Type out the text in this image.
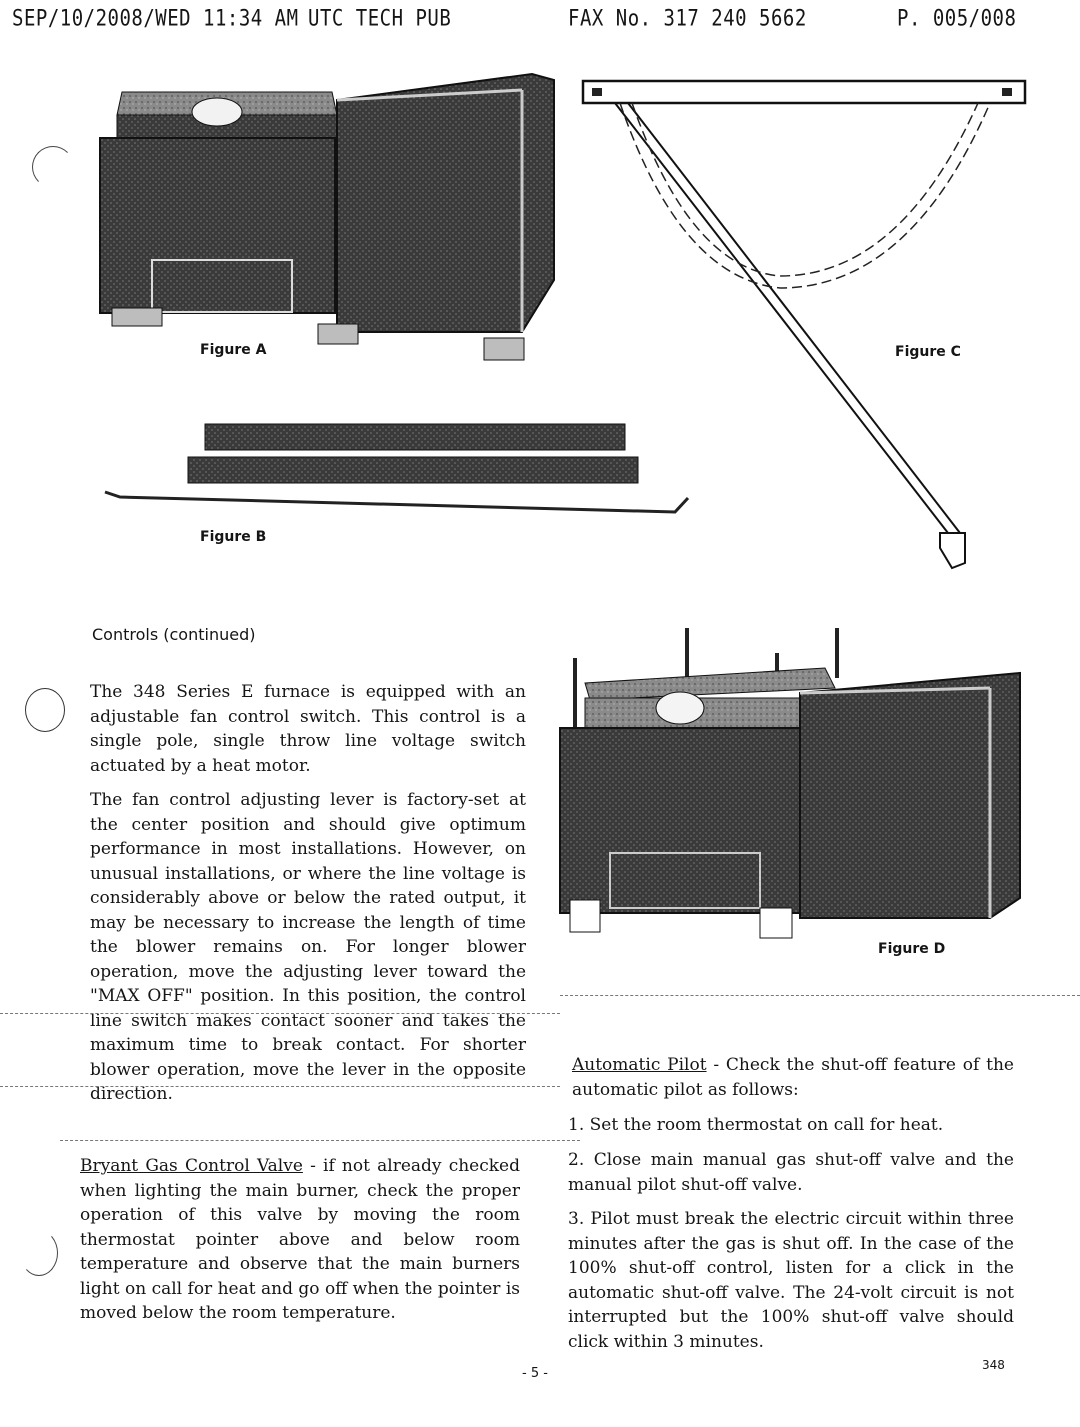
SEP/10/2008/WED 11:34 AM UTC TECH PUB	FAX No. 317 240 5662	P. 005/008
Figure A	Figure C
Figure B
Controls (continued)

The 348 Series E furnace is equipped with an adjustable fan control switch. This control is a single pole, single throw line voltage switch actuated by a heat motor.

The fan control adjusting lever is factory-set at the center position and should give optimum performance in most installations. However, on unusual installations, or where the line voltage is considerably above or below the rated output, it may be necessary to increase the length of time the blower remains on. For longer blower operation, move the adjusting lever toward the "MAX OFF" position. In this position, the control line switch makes contact sooner and takes the maximum time to break contact. For shorter blower operation, move the lever in the opposite direction.

Bryant Gas Control Valve - if not already checked when lighting the main burner, check the proper operation of this valve by moving the room thermostat pointer above and below room temperature and observe that the main burners light on call for heat and go off when the pointer is moved below the room temperature.

Figure D

Automatic Pilot - Check the shut-off feature of the automatic pilot as follows:

1. Set the room thermostat on call for heat.

2. Close main manual gas shut-off valve and the manual pilot shut-off valve.

3. Pilot must break the electric circuit within three minutes after the gas is shut off. In the case of the 100% shut-off control, listen for a click in the automatic shut-off valve. The 24-volt circuit is not interrupted but the 100% shut-off valve should click within 3 minutes.

- 5 -
348
